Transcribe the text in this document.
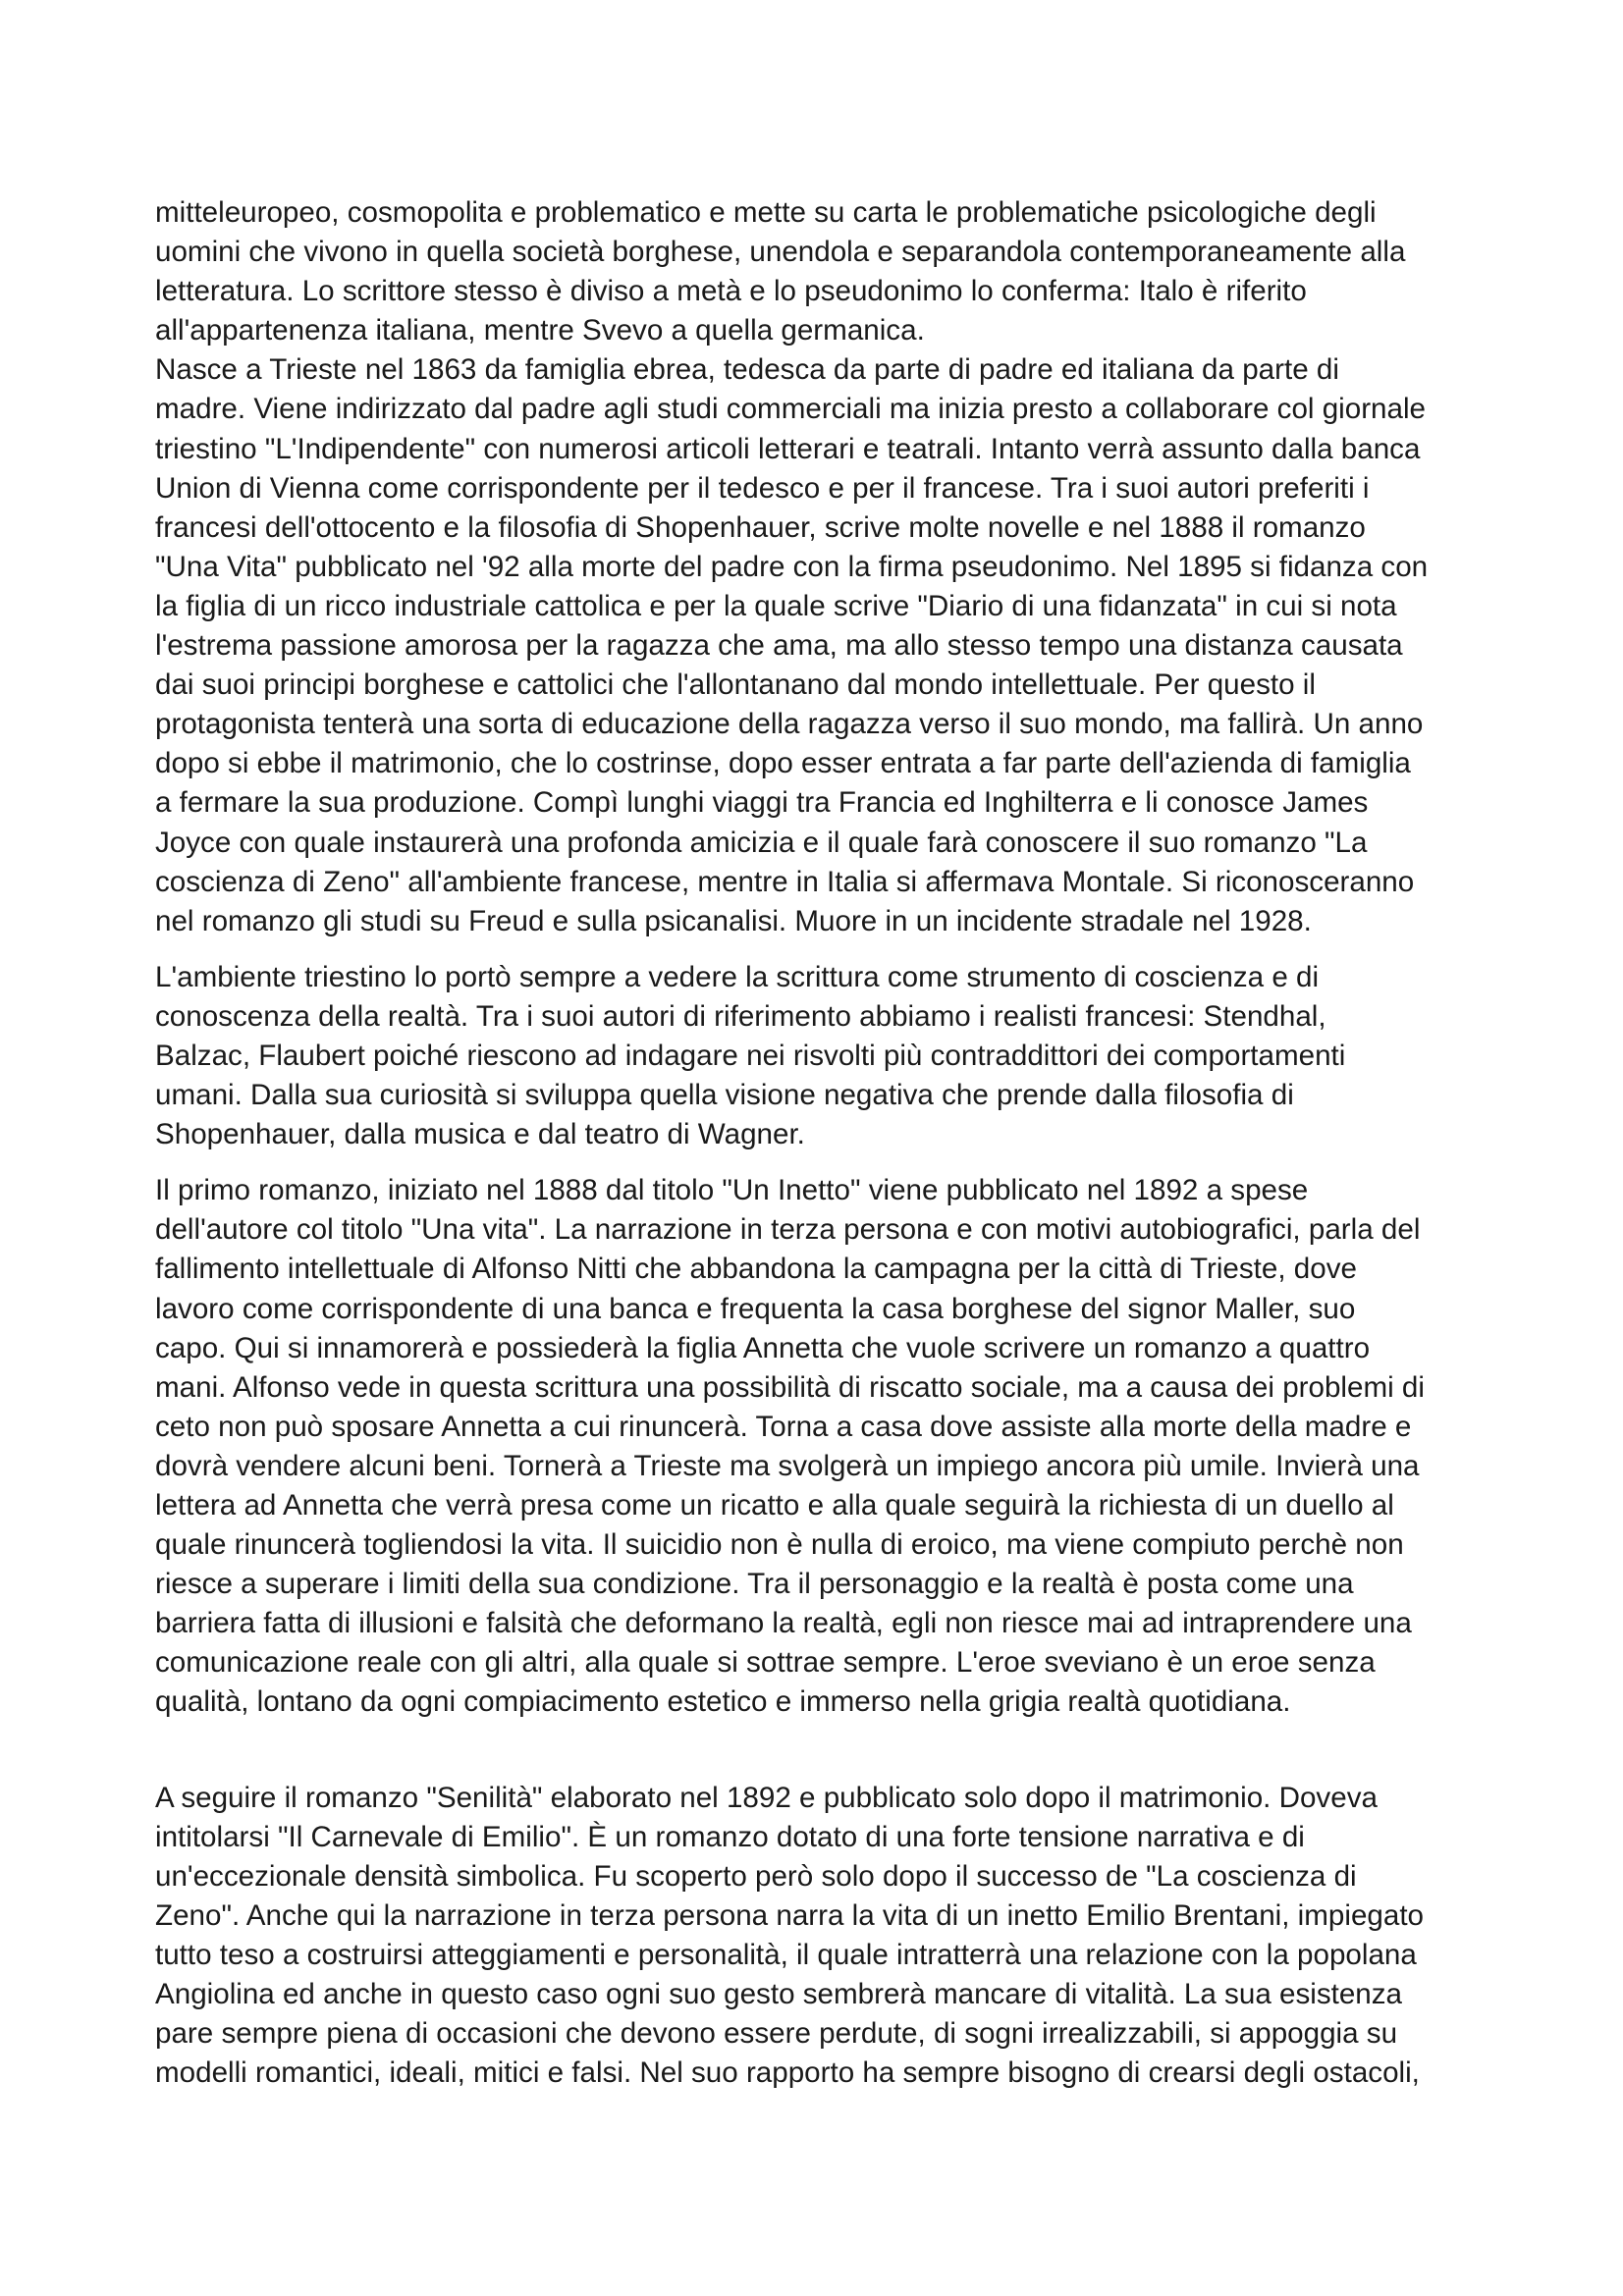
mitteleuropeo, cosmopolita e problematico e mette su carta le problematiche psicologiche degli
uomini che vivono in quella società borghese, unendola e separandola contemporaneamente alla
letteratura. Lo scrittore stesso è diviso a metà e lo pseudonimo lo conferma: Italo è riferito
all'appartenenza italiana, mentre Svevo a quella germanica.
Nasce a Trieste nel 1863 da famiglia ebrea, tedesca da parte di padre ed italiana da parte di
madre. Viene indirizzato dal padre agli studi commerciali ma inizia presto a collaborare col giornale
triestino "L'Indipendente" con numerosi articoli letterari e teatrali. Intanto verrà assunto dalla banca
Union di Vienna come corrispondente per il tedesco e per il francese. Tra i suoi autori preferiti i
francesi dell'ottocento e la filosofia di Shopenhauer, scrive molte novelle e nel 1888 il romanzo
"Una Vita" pubblicato nel '92 alla morte del padre con la firma pseudonimo. Nel 1895 si fidanza con
la figlia di un ricco industriale cattolica e per la quale scrive "Diario di una fidanzata" in cui si nota
l'estrema passione amorosa per la ragazza che ama, ma allo stesso tempo una distanza causata
dai suoi principi borghese e cattolici che l'allontanano dal mondo intellettuale. Per questo il
protagonista tenterà una sorta di educazione della ragazza verso il suo mondo, ma fallirà. Un anno
dopo si ebbe il matrimonio, che lo costrinse, dopo esser entrata a far parte dell'azienda di famiglia
a fermare la sua produzione. Compì lunghi viaggi tra Francia ed Inghilterra e li conosce James
Joyce con quale instaurerà una profonda amicizia e il quale farà conoscere il suo romanzo "La
coscienza di Zeno" all'ambiente francese, mentre in Italia si affermava Montale. Si riconosceranno
nel romanzo gli studi su Freud e sulla psicanalisi. Muore in un incidente stradale nel 1928.

L'ambiente triestino lo portò sempre a vedere la scrittura come strumento di coscienza e di
conoscenza della realtà. Tra i suoi autori di riferimento abbiamo i realisti francesi: Stendhal,
Balzac, Flaubert poiché riescono ad indagare nei risvolti più contraddittori dei comportamenti
umani. Dalla sua curiosità si sviluppa quella visione negativa che prende dalla filosofia di
Shopenhauer, dalla musica e dal teatro di Wagner.

Il primo romanzo, iniziato nel 1888 dal titolo "Un Inetto" viene pubblicato nel 1892 a spese
dell'autore col titolo "Una vita". La narrazione in terza persona e con motivi autobiografici, parla del
fallimento intellettuale di Alfonso Nitti che abbandona la campagna per la città di Trieste, dove
lavoro come corrispondente di una banca e frequenta la casa borghese del signor Maller, suo
capo. Qui si innamorerà e possiederà la figlia Annetta che vuole scrivere un romanzo a quattro
mani. Alfonso vede in questa scrittura una possibilità di riscatto sociale, ma a causa dei problemi di
ceto non può sposare Annetta a cui rinuncerà. Torna a casa dove assiste alla morte della madre e
dovrà vendere alcuni beni. Tornerà a Trieste ma svolgerà un impiego ancora più umile. Invierà una
lettera ad Annetta che verrà presa come un ricatto e alla quale seguirà la richiesta di un duello al
quale rinuncerà togliendosi la vita. Il suicidio non è nulla di eroico, ma viene compiuto perchè non
riesce a superare i limiti della sua condizione. Tra il personaggio e la realtà è posta come una
barriera fatta di illusioni e falsità che deformano la realtà, egli non riesce mai ad intraprendere una
comunicazione reale con gli altri, alla quale si sottrae sempre. L'eroe sveviano è un eroe senza
qualità, lontano da ogni compiacimento estetico e immerso nella grigia realtà quotidiana.

A seguire il romanzo "Senilità" elaborato nel 1892 e pubblicato solo dopo il matrimonio. Doveva
intitolarsi "Il Carnevale di Emilio". È un romanzo dotato di una forte tensione narrativa e di
un'eccezionale densità simbolica. Fu scoperto però solo dopo il successo de "La coscienza di
Zeno". Anche qui la narrazione in terza persona narra la vita di un inetto Emilio Brentani, impiegato
tutto teso a costruirsi atteggiamenti e personalità, il quale intratterrà una relazione con la popolana
Angiolina ed anche in questo caso ogni suo gesto sembrerà mancare di vitalità. La sua esistenza
pare sempre piena di occasioni che devono essere perdute, di sogni irrealizzabili, si appoggia su
modelli romantici, ideali, mitici e falsi. Nel suo rapporto ha sempre bisogno di crearsi degli ostacoli,
